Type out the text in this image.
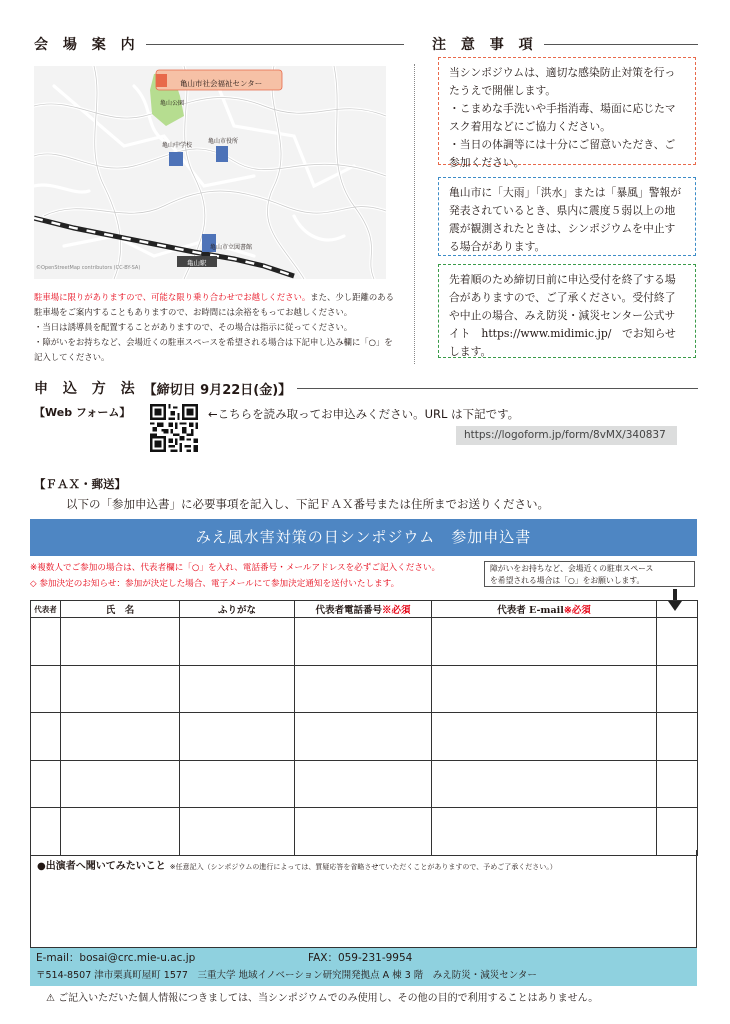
会 場 案 内	注 意 事 項
亀山市社会福祉センター
亀山公園
亀山中学校
亀山市役所
亀山市立図書館
亀山駅
©OpenStreetMap contributors (CC-BY-SA)
駐車場に限りがありますので、可能な限り乗り合わせでお越しください。また、少し距離のある駐車場をご案内することもありますので、お時間には余裕をもってお越しください。
・当日は誘導員を配置することがありますので、その場合は指示に従ってください。
・障がいをお持ちなど、会場近くの駐車スペースを希望される場合は下記申し込み欄に「○」を記入してください。

当シンポジウムは、適切な感染防止対策を行ったうえで開催します。
・こまめな手洗いや手指消毒、場面に応じたマスク着用などにご協力ください。
・当日の体調等には十分にご留意いただき、ご参加ください。

亀山市に「大雨」「洪水」または「暴風」警報が発表されているとき、県内に震度５弱以上の地震が観測されたときは、シンポジウムを中止する場合があります。

先着順のため締切日前に申込受付を終了する場合がありますので、ご了承ください。受付終了や中止の場合、みえ防災・減災センター公式サイト　https://www.midimic.jp/　でお知らせします。

申 込 方 法 【締切日 9月22日(金)】
【Web フォーム】	←こちらを読み取ってお申込みください。URL は下記です。
https://logoform.jp/form/8vMX/340837
【ＦＡＸ・郵送】
以下の「参加申込書」に必要事項を記入し、下記ＦＡＸ番号または住所までお送りください。
みえ風水害対策の日シンポジウム　参加申込書
※複数人でご参加の場合は、代表者欄に「○」を入れ、電話番号・メールアドレスを必ずご記入ください。
◇ 参加決定のお知らせ：参加が決定した場合、電子メールにて参加決定通知を送付いたします。
障がいをお持ちなど、会場近くの駐車スペース
を希望される場合は「○」をお願いします。
代表者	氏　名	ふりがな	代表者電話番号※必須	代表者 E-mail※必須	

●出演者へ聞いてみたいこと ※任意記入（シンポジウムの進行によっては、質疑応答を省略させていただくことがありますので、予めご了承ください。）
E-mail：bosai@crc.mie-u.ac.jp	FAX：059-231-9954
〒514-8507 津市栗真町屋町 1577　三重大学 地域イノベーション研究開発拠点 A 棟 3 階　みえ防災・減災センター
⚠ ご記入いただいた個人情報につきましては、当シンポジウムでのみ使用し、その他の目的で利用することはありません。
